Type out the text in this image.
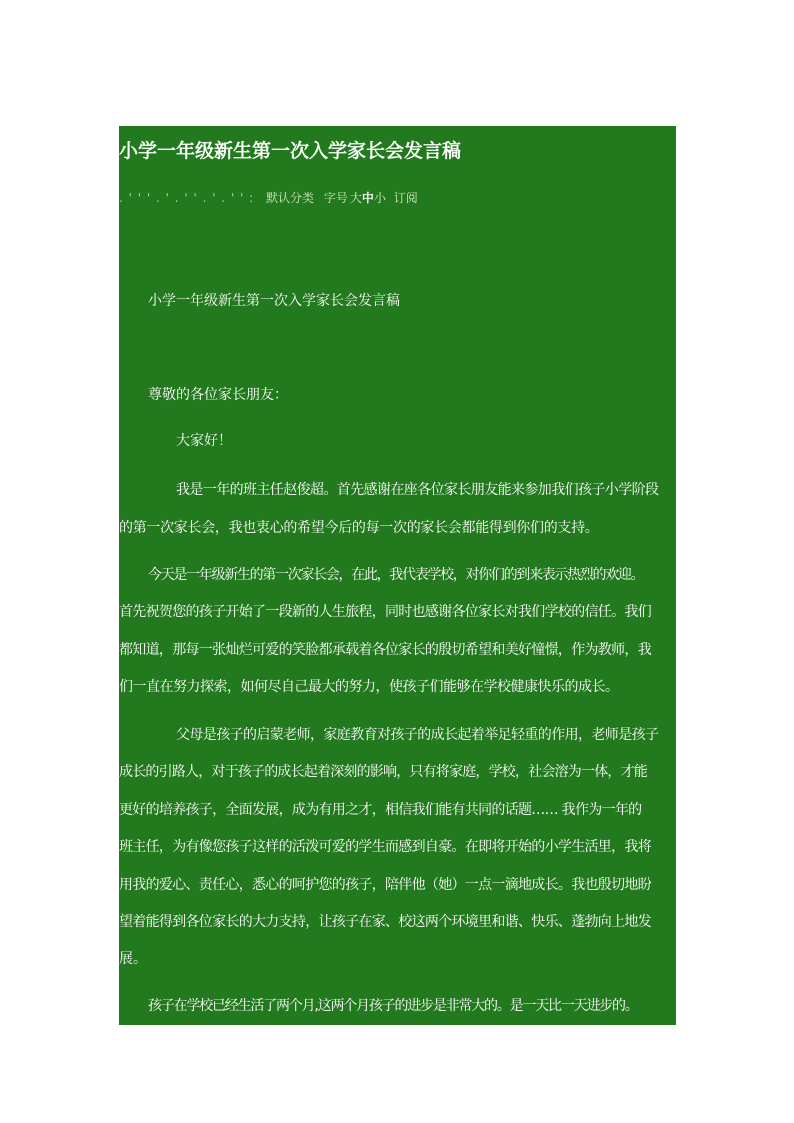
小学一年级新生第一次入学家长会发言稿
. ' ' ' . ' . ' ' . ' . ' ' : 默认分类 字号 大中小 订阅
小学一年级新生第一次入学家长会发言稿
尊敬的各位家长朋友：
大家好！
我是一年的班主任赵俊超。首先感谢在座各位家长朋友能来参加我们孩子小学阶段
的第一次家长会，我也衷心的希望今后的每一次的家长会都能得到你们的支持。
今天是一年级新生的第一次家长会，在此，我代表学校，对你们的到来表示热烈的欢迎。
首先祝贺您的孩子开始了一段新的人生旅程，同时也感谢各位家长对我们学校的信任。我们
都知道，那每一张灿烂可爱的笑脸都承载着各位家长的殷切希望和美好憧憬，作为教师，我
们一直在努力探索，如何尽自己最大的努力，使孩子们能够在学校健康快乐的成长。
父母是孩子的启蒙老师，家庭教育对孩子的成长起着举足轻重的作用，老师是孩子
成长的引路人，对于孩子的成长起着深刻的影响，只有将家庭，学校，社会溶为一体，才能
更好的培养孩子，全面发展，成为有用之才，相信我们能有共同的话题…… 我作为一年的
班主任，为有像您孩子这样的活泼可爱的学生而感到自豪。在即将开始的小学生活里，我将
用我的爱心、责任心，悉心的呵护您的孩子，陪伴他（她）一点一滴地成长。我也殷切地盼
望着能得到各位家长的大力支持，让孩子在家、校这两个环境里和谐、快乐、蓬勃向上地发
展。
孩子在学校已经生活了两个月,这两个月孩子的进步是非常大的。是一天比一天进步的。
